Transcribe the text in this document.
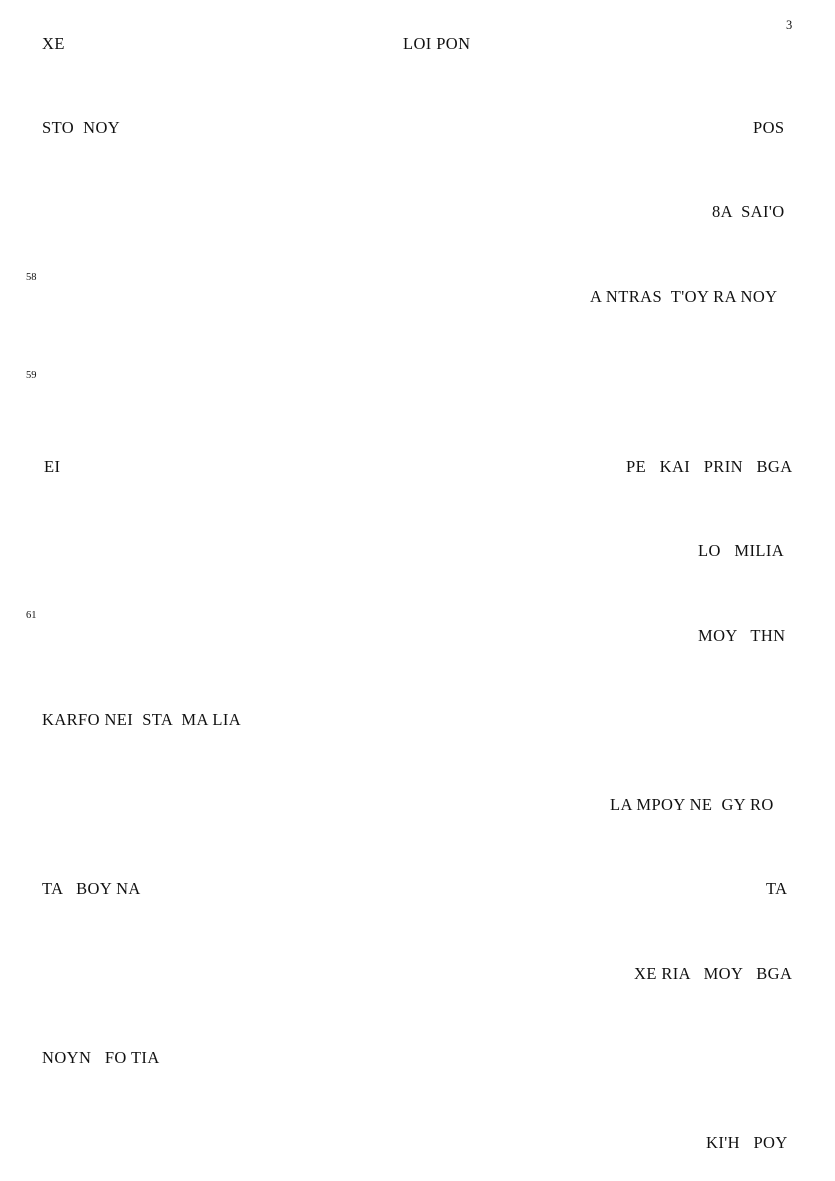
3
58
59
61
XE	LOI PON
STO  NOY	POS
8A  SAI'O
A NTRAS  T'OY RA NOY
EI	PE   KAI   PRIN   BGA
LO   MILIA
MOY   THN
KARFO NEI  STA  MA LIA
LA MPOY NE  GY RO
TA   BOY NA	TA
XE RIA   MOY   BGA
NOYN   FO TIA
KI'H   POY
